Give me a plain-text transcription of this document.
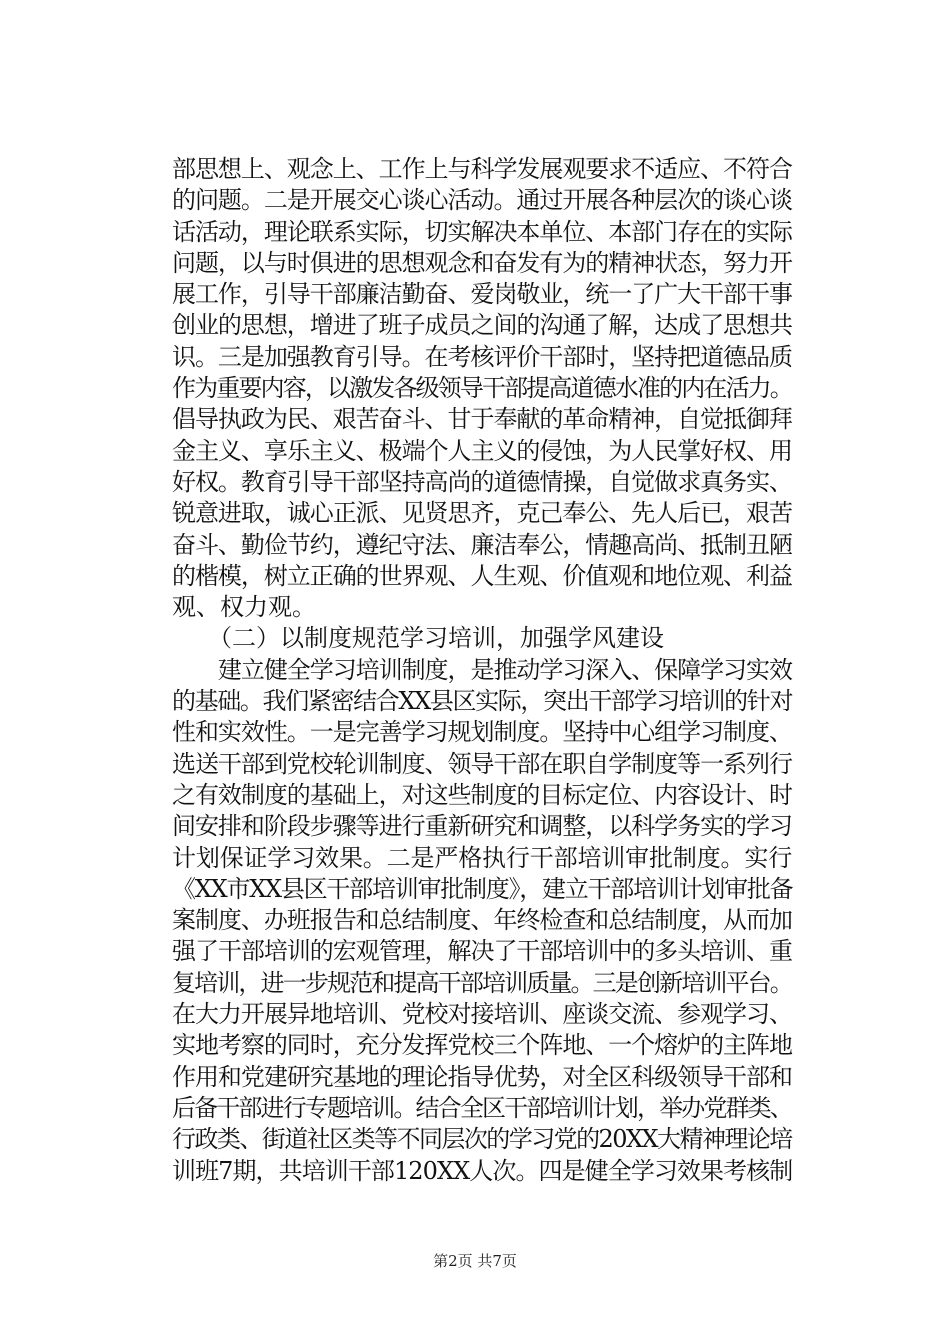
部思想上、观念上、工作上与科学发展观要求不适应、不符合
的问题。二是开展交心谈心活动。通过开展各种层次的谈心谈
话活动，理论联系实际，切实解决本单位、本部门存在的实际
问题，以与时俱进的思想观念和奋发有为的精神状态，努力开
展工作，引导干部廉洁勤奋、爱岗敬业，统一了广大干部干事
创业的思想，增进了班子成员之间的沟通了解，达成了思想共
识。三是加强教育引导。在考核评价干部时，坚持把道德品质
作为重要内容，以激发各级领导干部提高道德水准的内在活力。
倡导执政为民、艰苦奋斗、甘于奉献的革命精神，自觉抵御拜
金主义、享乐主义、极端个人主义的侵蚀，为人民掌好权、用
好权。教育引导干部坚持高尚的道德情操，自觉做求真务实、
锐意进取，诚心正派、见贤思齐，克己奉公、先人后已，艰苦
奋斗、勤俭节约，遵纪守法、廉洁奉公，情趣高尚、抵制丑陋
的楷模，树立正确的世界观、人生观、价值观和地位观、利益
观、权力观。
　　（二）以制度规范学习培训，加强学风建设
　　建立健全学习培训制度，是推动学习深入、保障学习实效
的基础。我们紧密结合XX县区实际，突出干部学习培训的针对
性和实效性。一是完善学习规划制度。坚持中心组学习制度、
选送干部到党校轮训制度、领导干部在职自学制度等一系列行
之有效制度的基础上，对这些制度的目标定位、内容设计、时
间安排和阶段步骤等进行重新研究和调整，以科学务实的学习
计划保证学习效果。二是严格执行干部培训审批制度。实行
《XX市XX县区干部培训审批制度》，建立干部培训计划审批备
案制度、办班报告和总结制度、年终检查和总结制度，从而加
强了干部培训的宏观管理，解决了干部培训中的多头培训、重
复培训，进一步规范和提高干部培训质量。三是创新培训平台。
在大力开展异地培训、党校对接培训、座谈交流、参观学习、
实地考察的同时，充分发挥党校三个阵地、一个熔炉的主阵地
作用和党建研究基地的理论指导优势，对全区科级领导干部和
后备干部进行专题培训。结合全区干部培训计划，举办党群类、
行政类、街道社区类等不同层次的学习党的20XX大精神理论培
训班7期，共培训干部120XX人次。四是健全学习效果考核制
第2页 共7页
